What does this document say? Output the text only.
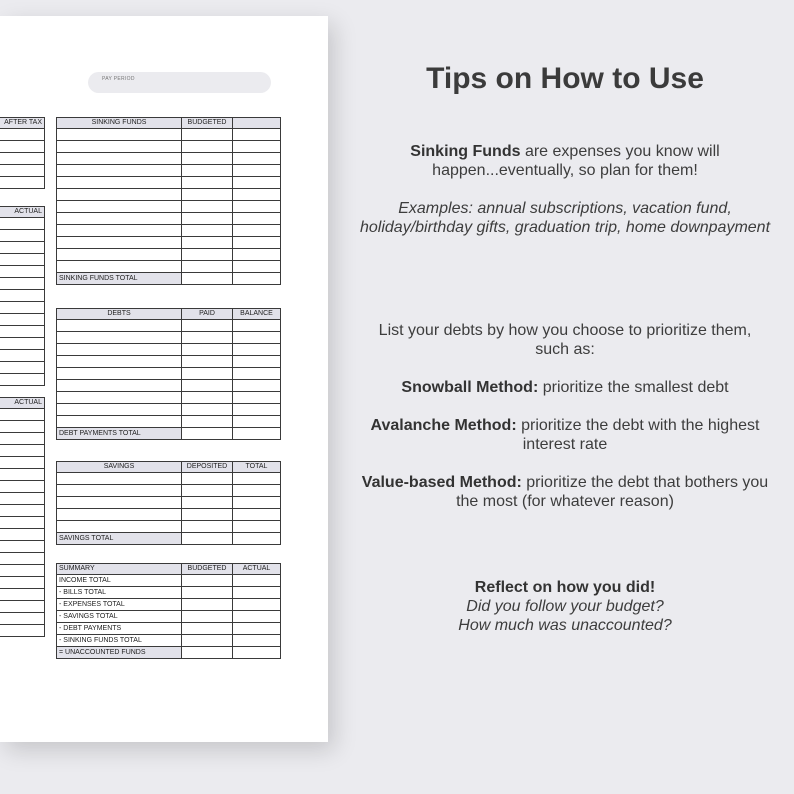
PAY PERIOD
AFTER TAX

ACTUAL

ACTUAL

SINKING FUNDS	BUDGETED	

SINKING FUNDS TOTAL		
DEBTS	PAID	BALANCE

DEBT PAYMENTS TOTAL		
SAVINGS	DEPOSITED	TOTAL

SAVINGS TOTAL		
SUMMARY	BUDGETED	ACTUAL
INCOME TOTAL		
- BILLS TOTAL		
- EXPENSES TOTAL		
- SAVINGS TOTAL		
- DEBT PAYMENTS		
- SINKING FUNDS TOTAL		
= UNACCOUNTED FUNDS		
Tips on How to Use
Sinking Funds are expenses you know will happen...eventually, so plan for them!
Examples: annual subscriptions, vacation fund, holiday/birthday gifts, graduation trip, home downpayment
List your debts by how you choose to prioritize them, such as:
Snowball Method: prioritize the smallest debt
Avalanche Method: prioritize the debt with the highest interest rate
Value-based Method: prioritize the debt that bothers you the most (for whatever reason)
Reflect on how you did!
Did you follow your budget?
How much was unaccounted?
